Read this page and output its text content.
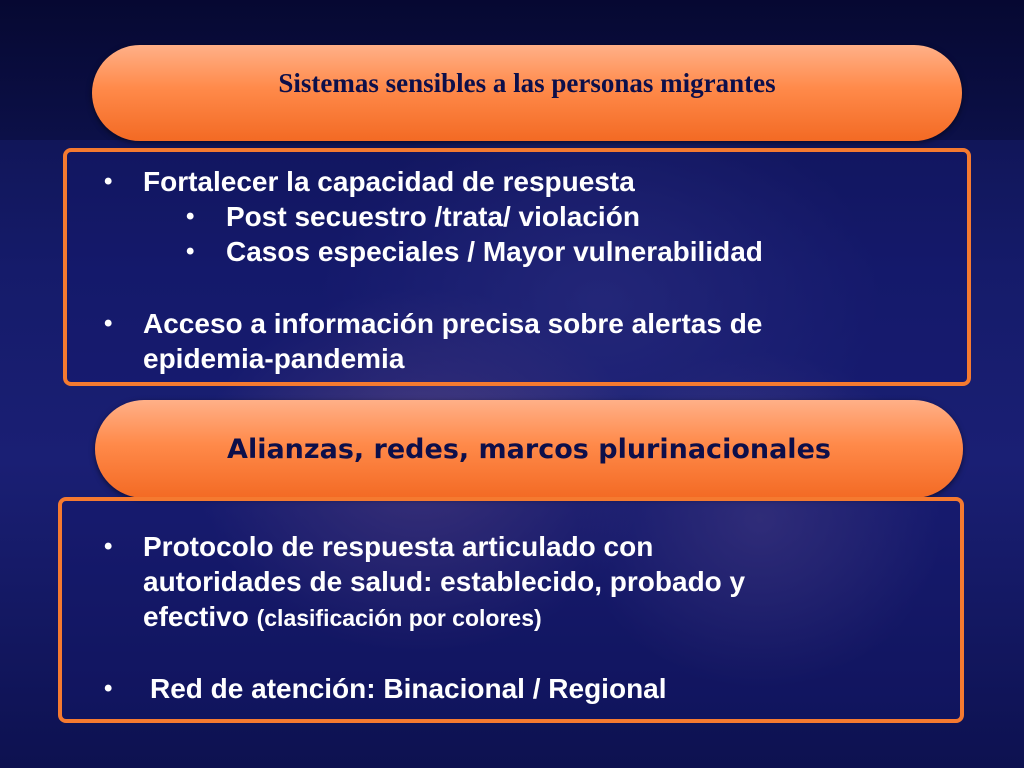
Sistemas sensibles a las personas migrantes
• Fortalecer la capacidad de respuesta
• Post secuestro /trata/ violación
• Casos especiales / Mayor vulnerabilidad
• Acceso a información precisa sobre alertas de
epidemia-pandemia
Alianzas, redes, marcos plurinacionales
• Protocolo de respuesta articulado con
autoridades de salud: establecido, probado y
efectivo (clasificación por colores)
• Red de atención: Binacional / Regional
